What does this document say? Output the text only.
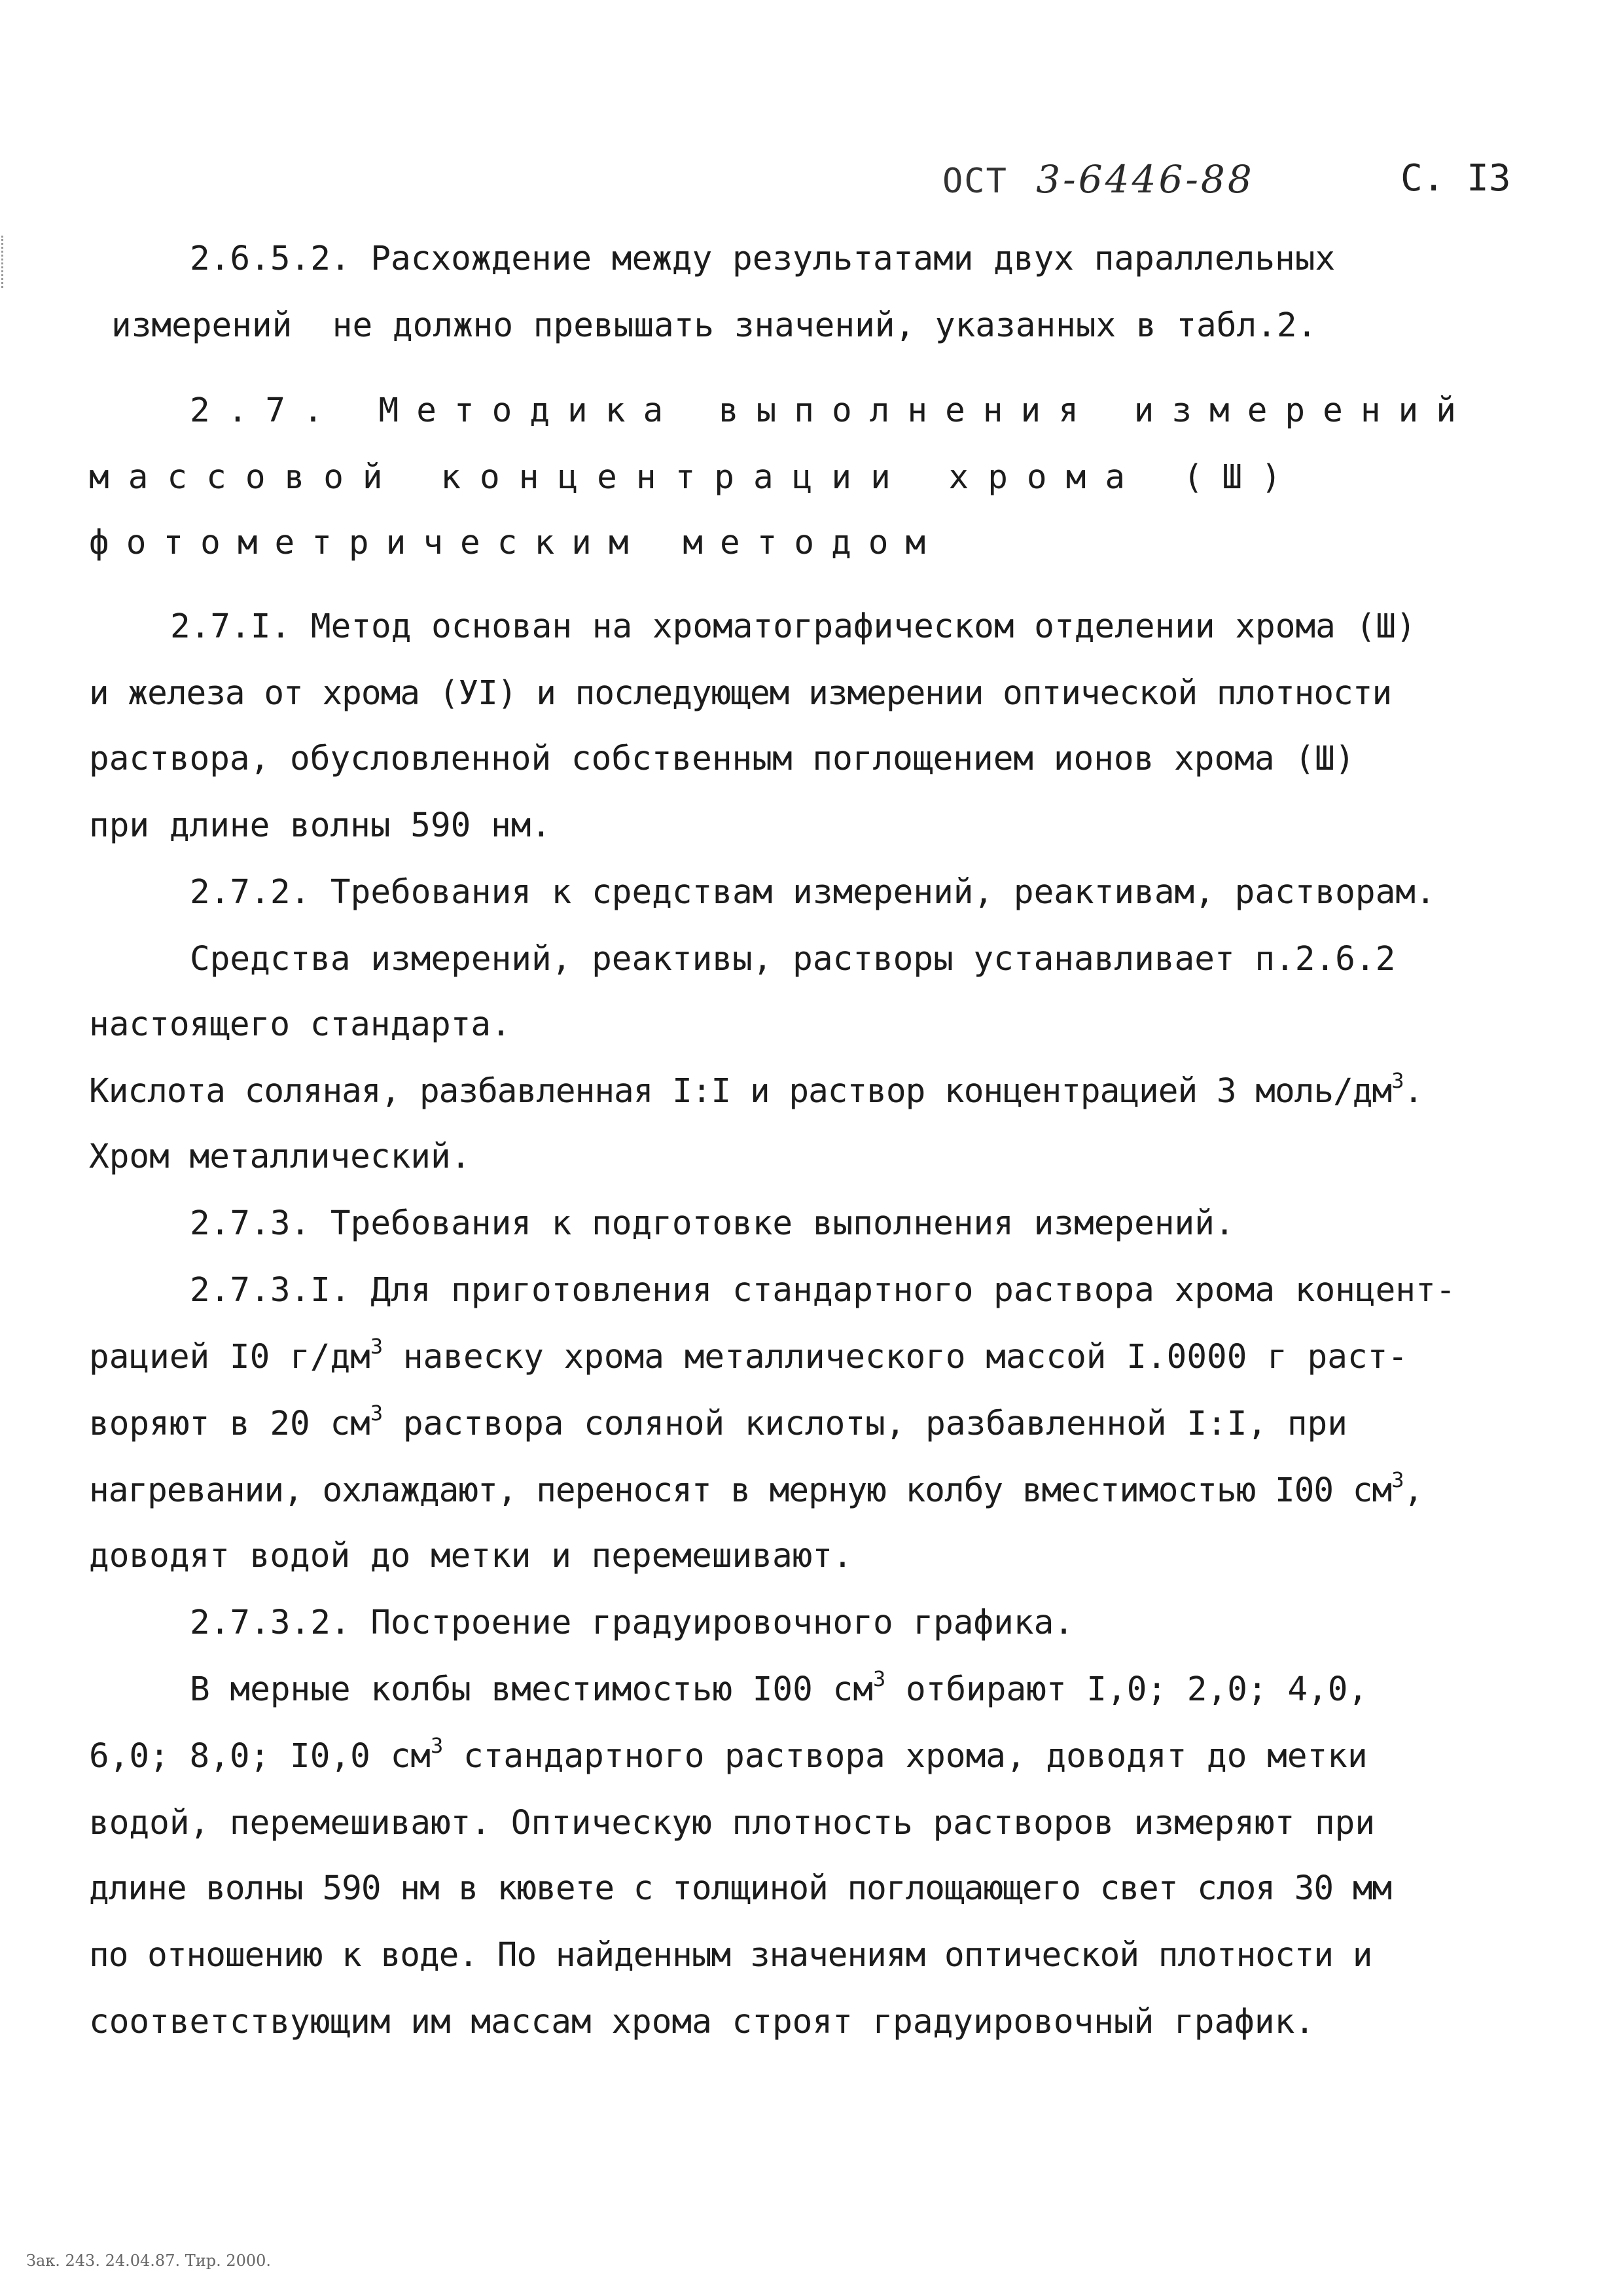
ОСТ 3-6446-88	С. I3
2.6.5.2. Расхождение между результатами двух параллельных
измерений  не должно превышать значений, указанных в табл.2.
2.7. Методика выполнения измерений
массовой концентрации хрома (Ш)
фотометрическим методом
2.7.I. Метод основан на хроматографическом отделении хрома (Ш)
и железа от хрома (УI) и последующем измерении оптической плотности
раствора, обусловленной собственным поглощением ионов хрома (Ш)
при длине волны 590 нм.
2.7.2. Требования к средствам измерений, реактивам, растворам.
Средства измерений, реактивы, растворы устанавливает п.2.6.2
настоящего стандарта.
Кислота соляная, разбавленная I:I и раствор концентрацией 3 моль/$дм^3$.
Хром металлический.
2.7.3. Требования к подготовке выполнения измерений.
2.7.3.I. Для приготовления стандартного раствора хрома концент-
рацией I0 $г/дм^3$ навеску хрома металлического массой I.0000 г раст-
воряют в 20 $см^3$ раствора соляной кислоты, разбавленной I:I, при
нагревании, охлаждают, переносят в мерную колбу вместимостью I00 $см^3$,
доводят водой до метки и перемешивают.
2.7.3.2. Построение градуировочного графика.
В мерные колбы вместимостью I00 $см^3$ отбирают I,0; 2,0; 4,0,
6,0; 8,0; I0,0 $см^3$ стандартного раствора хрома, доводят до метки
водой, перемешивают. Оптическую плотность растворов измеряют при
длине волны 590 нм в кювете с толщиной поглощающего свет слоя 30 мм
по отношению к воде. По найденным значениям оптической плотности и
соответствующим им массам хрома строят градуировочный график.
Зак. 243. 24.04.87. Тир. 2000.
